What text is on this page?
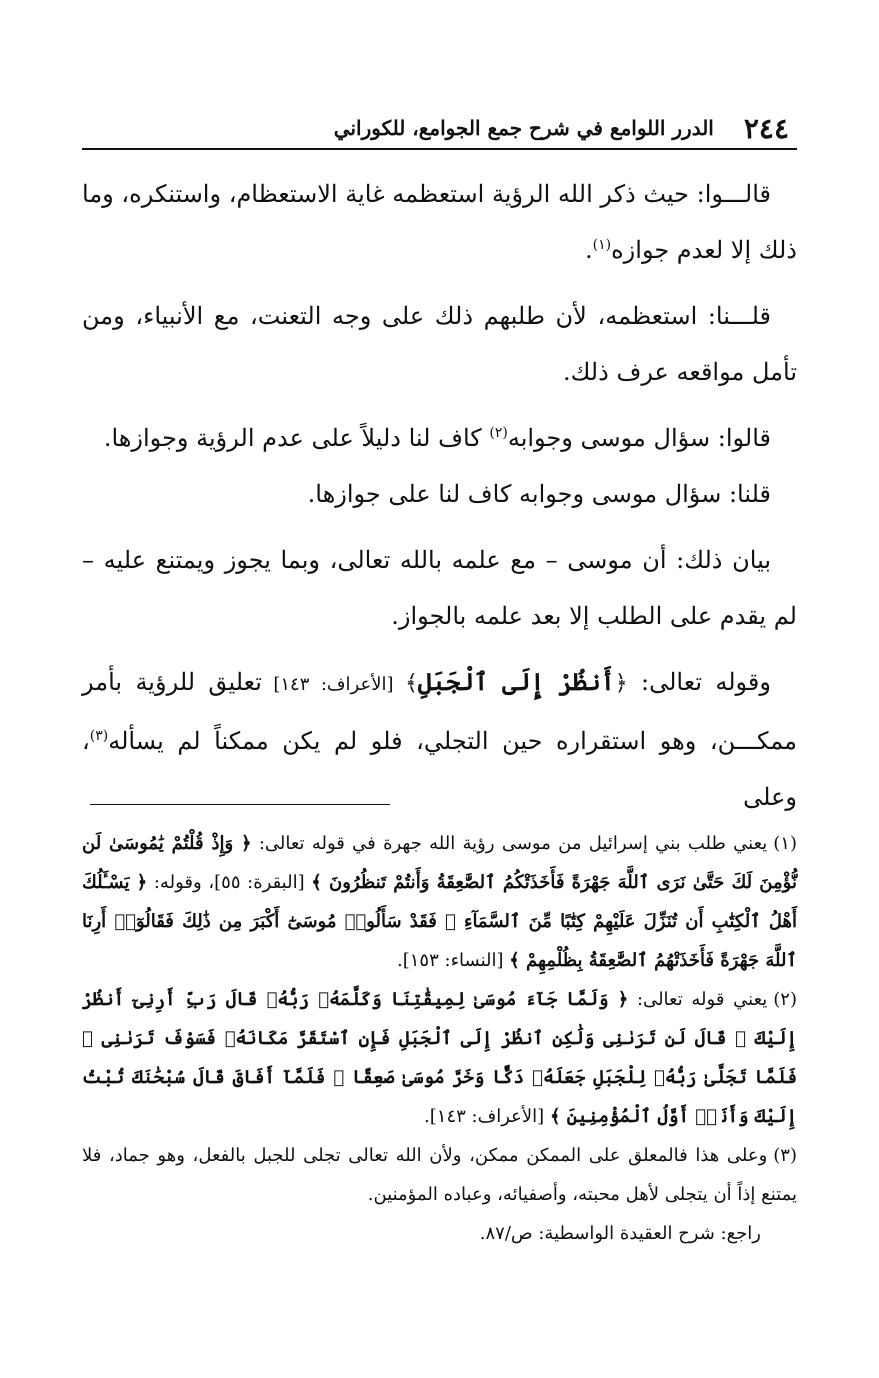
٢٤٤
الدرر اللوامع في شرح جمع الجوامع، للكوراني

قالـــوا: حيث ذكر الله الرؤية استعظمه غاية الاستعظام، واستنكره، وما ذلك إلا لعدم جوازه$^{(١)}$.

قلـــنا: استعظمه، لأن طلبهم ذلك على وجه التعنت، مع الأنبياء، ومن تأمل مواقعه عرف ذلك.

قالوا: سؤال موسى وجوابه$^{(٢)}$ كاف لنا دليلاً على عدم الرؤية وجوازها.

قلنا: سؤال موسى وجوابه كاف لنا على جوازها.

بيان ذلك: أن موسى – مع علمه بالله تعالى، وبما يجوز ويمتنع عليه – لم يقدم على الطلب إلا بعد علمه بالجواز.

وقوله تعالى: ﴿أَنظُرْ إِلَى ٱلْجَبَلِ﴾ [الأعراف: ١٤٣] تعليق للرؤية بأمر ممكـــن، وهو استقراره حين التجلي، فلو لم يكن ممكناً لم يسأله$^{(٣)}$، وعلى

(١)يعني طلب بني إسرائيل من موسى رؤية الله جهرة في قوله تعالى: ﴿ وَإِذْ قُلْتُمْ يَٰمُوسَىٰ لَن نُّؤْمِنَ لَكَ حَتَّىٰ نَرَى ٱللَّهَ جَهْرَةً فَأَخَذَتْكُمُ ٱلصَّٰعِقَةُ وَأَنتُمْ تَنظُرُونَ ﴾ [البقرة: ٥٥]، وقوله: ﴿ يَسْـَٔلُكَ أَهْلُ ٱلْكِتَٰبِ أَن تُنَزِّلَ عَلَيْهِمْ كِتَٰبًا مِّنَ ٱلسَّمَآءِ ۚ فَقَدْ سَأَلُوا۟ مُوسَىٰٓ أَكْبَرَ مِن ذَٰلِكَ فَقَالُوٓا۟ أَرِنَا ٱللَّهَ جَهْرَةً فَأَخَذَتْهُمُ ٱلصَّٰعِقَةُ بِظُلْمِهِمْ ﴾ [النساء: ١٥٣].

(٢)يعني قوله تعالى: ﴿ وَلَمَّا جَآءَ مُوسَىٰ لِمِيقَٰتِنَا وَكَلَّمَهُۥ رَبُّهُۥ قَالَ رَبِّ أَرِنِىٓ أَنظُرْ إِلَيْكَ ۚ قَالَ لَن تَرَىٰنِى وَلَٰكِنِ ٱنظُرْ إِلَى ٱلْجَبَلِ فَإِنِ ٱسْتَقَرَّ مَكَانَهُۥ فَسَوْفَ تَرَىٰنِى ۚ فَلَمَّا تَجَلَّىٰ رَبُّهُۥ لِلْجَبَلِ جَعَلَهُۥ دَكًّا وَخَرَّ مُوسَىٰ صَعِقًا ۚ فَلَمَّآ أَفَاقَ قَالَ سُبْحَٰنَكَ تُبْتُ إِلَيْكَ وَأَنَا۠ أَوَّلُ ٱلْمُؤْمِنِينَ ﴾ [الأعراف: ١٤٣].

(٣)وعلى هذا فالمعلق على الممكن ممكن، ولأن الله تعالى تجلى للجبل بالفعل، وهو جماد، فلا يمتنع إذاً أن يتجلى لأهل محبته، وأصفيائه، وعباده المؤمنين.

راجع: شرح العقيدة الواسطية: ص/٨٧.
